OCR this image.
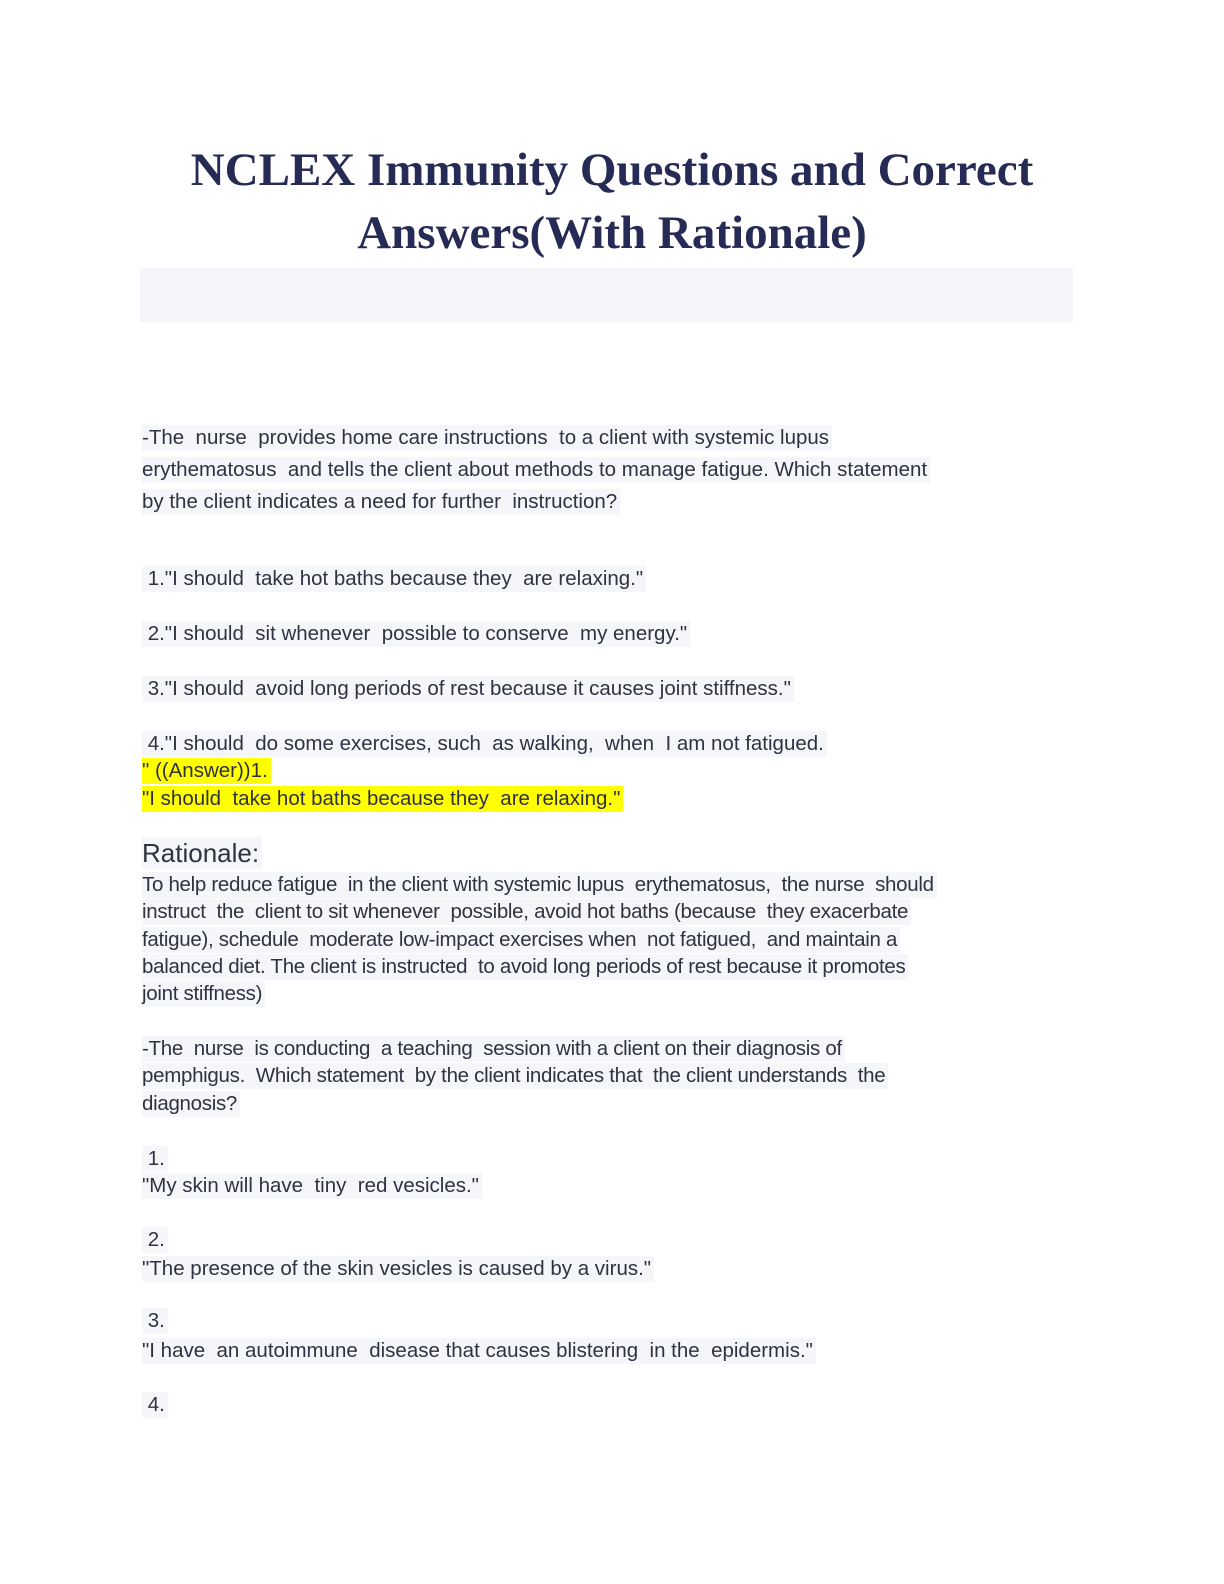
NCLEX Immunity Questions and Correct
Answers(With Rationale)
-The  nurse  provides home care instructions  to a client with systemic lupus
erythematosus  and tells the client about methods to manage fatigue. Which statement
by the client indicates a need for further  instruction?
1."I should  take hot baths because they  are relaxing."
2."I should  sit whenever  possible to conserve  my energy."
3."I should  avoid long periods of rest because it causes joint stiffness."
4."I should  do some exercises, such  as walking,  when  I am not fatigued.
" ((Answer))1.
"I should  take hot baths because they  are relaxing."
Rationale:
To help reduce fatigue  in the client with systemic lupus  erythematosus,  the nurse  should
instruct  the  client to sit whenever  possible, avoid hot baths (because  they exacerbate
fatigue), schedule  moderate low-impact exercises when  not fatigued,  and maintain a
balanced diet. The client is instructed  to avoid long periods of rest because it promotes
joint stiffness)
-The  nurse  is conducting  a teaching  session with a client on their diagnosis of
pemphigus.  Which statement  by the client indicates that  the client understands  the
diagnosis?
1.
"My skin will have  tiny  red vesicles."
2.
"The presence of the skin vesicles is caused by a virus."
3.
"I have  an autoimmune  disease that causes blistering  in the  epidermis."
4.
